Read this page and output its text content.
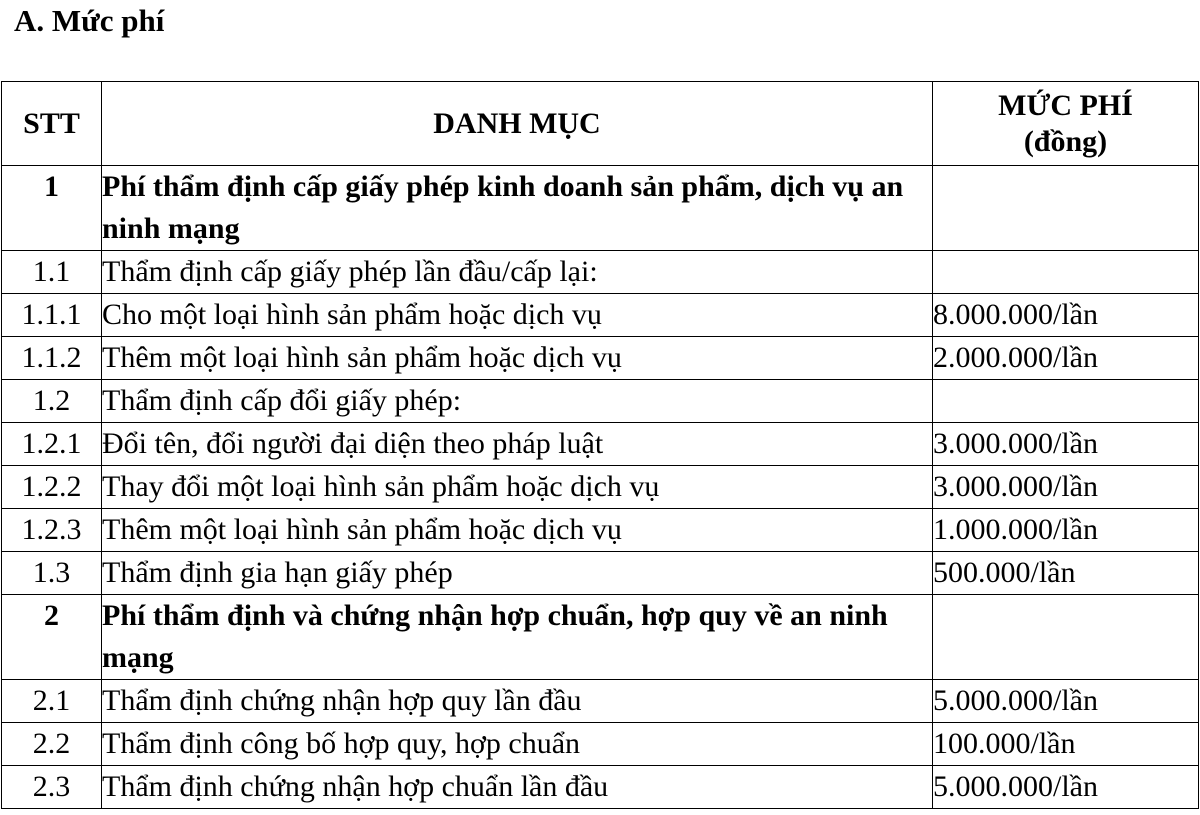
A. Mức phí
STT	DANH MỤC	MỨC PHÍ
(đồng)

1	Phí thẩm định cấp giấy phép kinh doanh sản phẩm, dịch vụ an ninh mạng	
1.1	Thẩm định cấp giấy phép lần đầu/cấp lại:	
1.1.1	Cho một loại hình sản phẩm hoặc dịch vụ	8.000.000/lần
1.1.2	Thêm một loại hình sản phẩm hoặc dịch vụ	2.000.000/lần
1.2	Thẩm định cấp đổi giấy phép:	
1.2.1	Đổi tên, đổi người đại diện theo pháp luật	3.000.000/lần
1.2.2	Thay đổi một loại hình sản phẩm hoặc dịch vụ	3.000.000/lần
1.2.3	Thêm một loại hình sản phẩm hoặc dịch vụ	1.000.000/lần
1.3	Thẩm định gia hạn giấy phép	500.000/lần
2	Phí thẩm định và chứng nhận hợp chuẩn, hợp quy về an ninh mạng	
2.1	Thẩm định chứng nhận hợp quy lần đầu	5.000.000/lần
2.2	Thẩm định công bố hợp quy, hợp chuẩn	100.000/lần
2.3	Thẩm định chứng nhận hợp chuẩn lần đầu	5.000.000/lần
